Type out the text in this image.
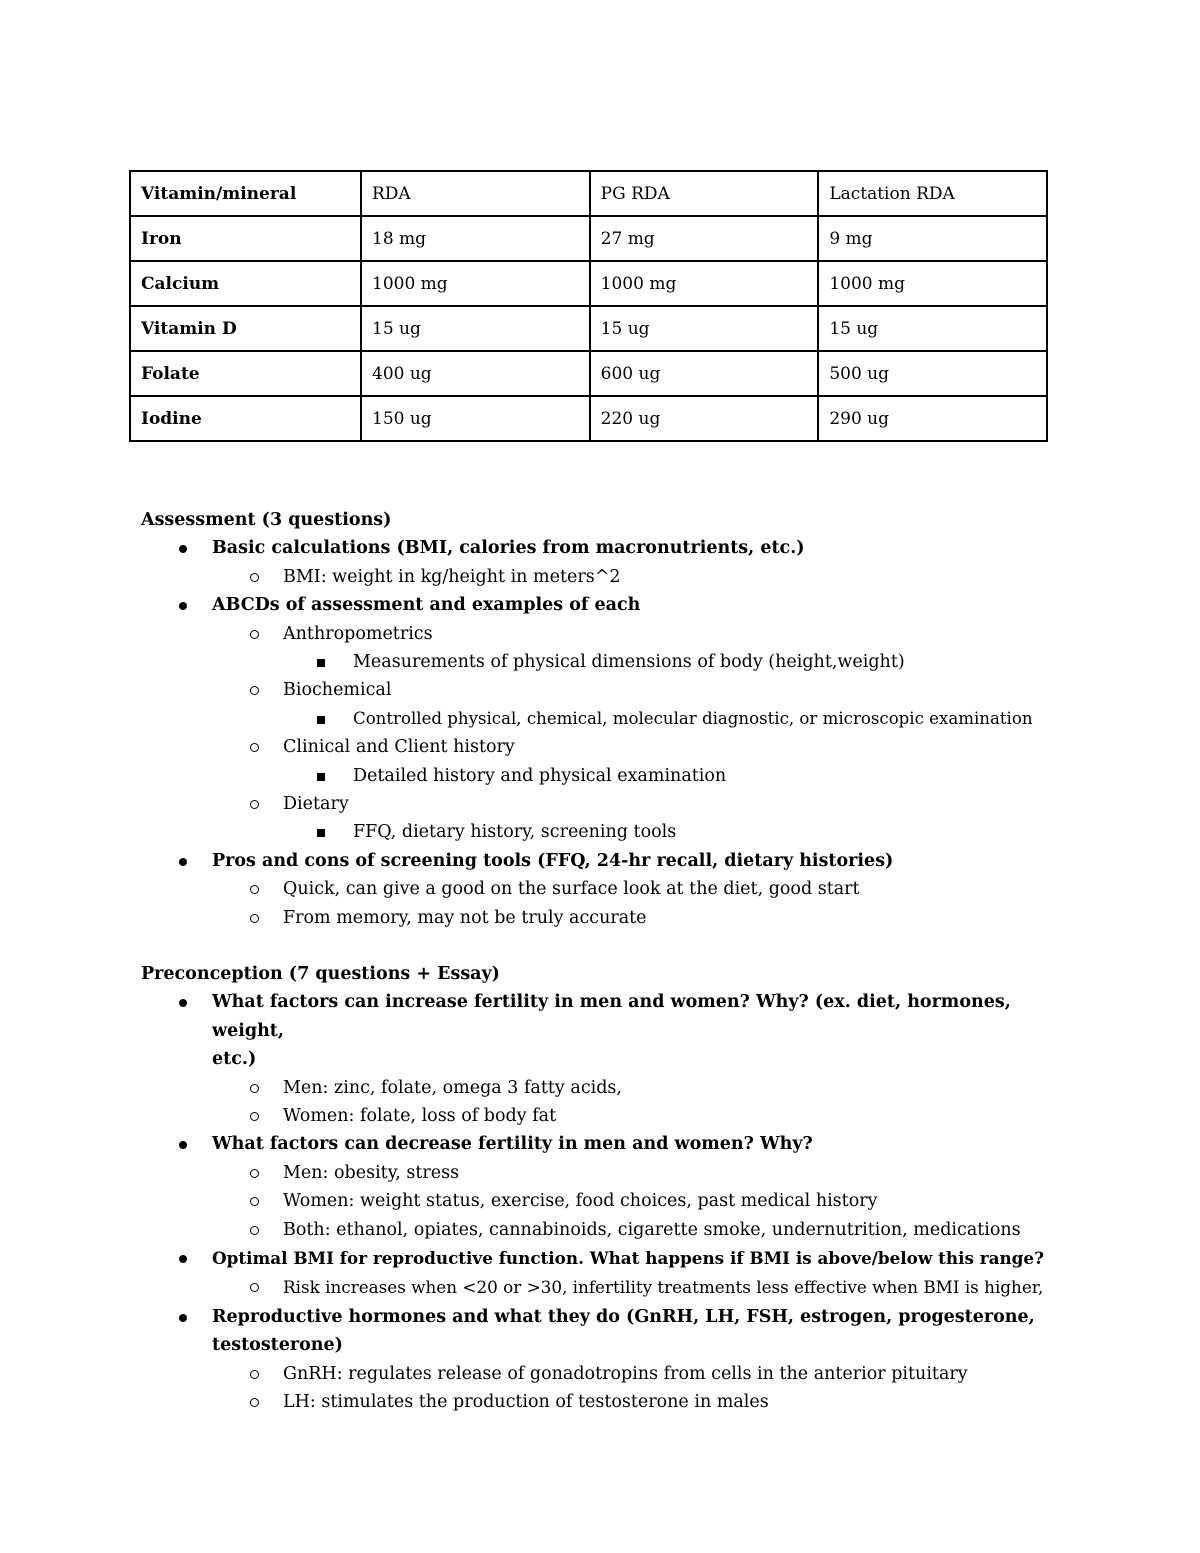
Vitamin/mineral	RDA	PG RDA	Lactation RDA
Iron	18 mg	27 mg	9 mg
Calcium	1000 mg	1000 mg	1000 mg
Vitamin D	15 ug	15 ug	15 ug
Folate	400 ug	600 ug	500 ug
Iodine	150 ug	220 ug	290 ug

Assessment (3 questions)

Basic calculations (BMI, calories from macronutrients, etc.)
BMI: weight in kg/height in meters^2
ABCDs of assessment and examples of each
Anthropometrics
Measurements of physical dimensions of body (height,weight)
Biochemical
Controlled physical, chemical, molecular diagnostic, or microscopic examination
Clinical and Client history
Detailed history and physical examination
Dietary
FFQ, dietary history, screening tools
Pros and cons of screening tools (FFQ, 24-hr recall, dietary histories)
Quick, can give a good on the surface look at the diet, good start
From memory, may not be truly accurate

Preconception (7 questions + Essay)

What factors can increase fertility in men and women? Why? (ex. diet, hormones, weight,
etc.)
Men: zinc, folate, omega 3 fatty acids,
Women: folate, loss of body fat
What factors can decrease fertility in men and women? Why?
Men: obesity, stress
Women: weight status, exercise, food choices, past medical history
Both: ethanol, opiates, cannabinoids, cigarette smoke, undernutrition, medications
Optimal BMI for reproductive function. What happens if BMI is above/below this range?
Risk increases when <20 or >30, infertility treatments less effective when BMI is higher,
Reproductive hormones and what they do (GnRH, LH, FSH, estrogen, progesterone,
testosterone)
GnRH: regulates release of gonadotropins from cells in the anterior pituitary
LH: stimulates the production of testosterone in males
